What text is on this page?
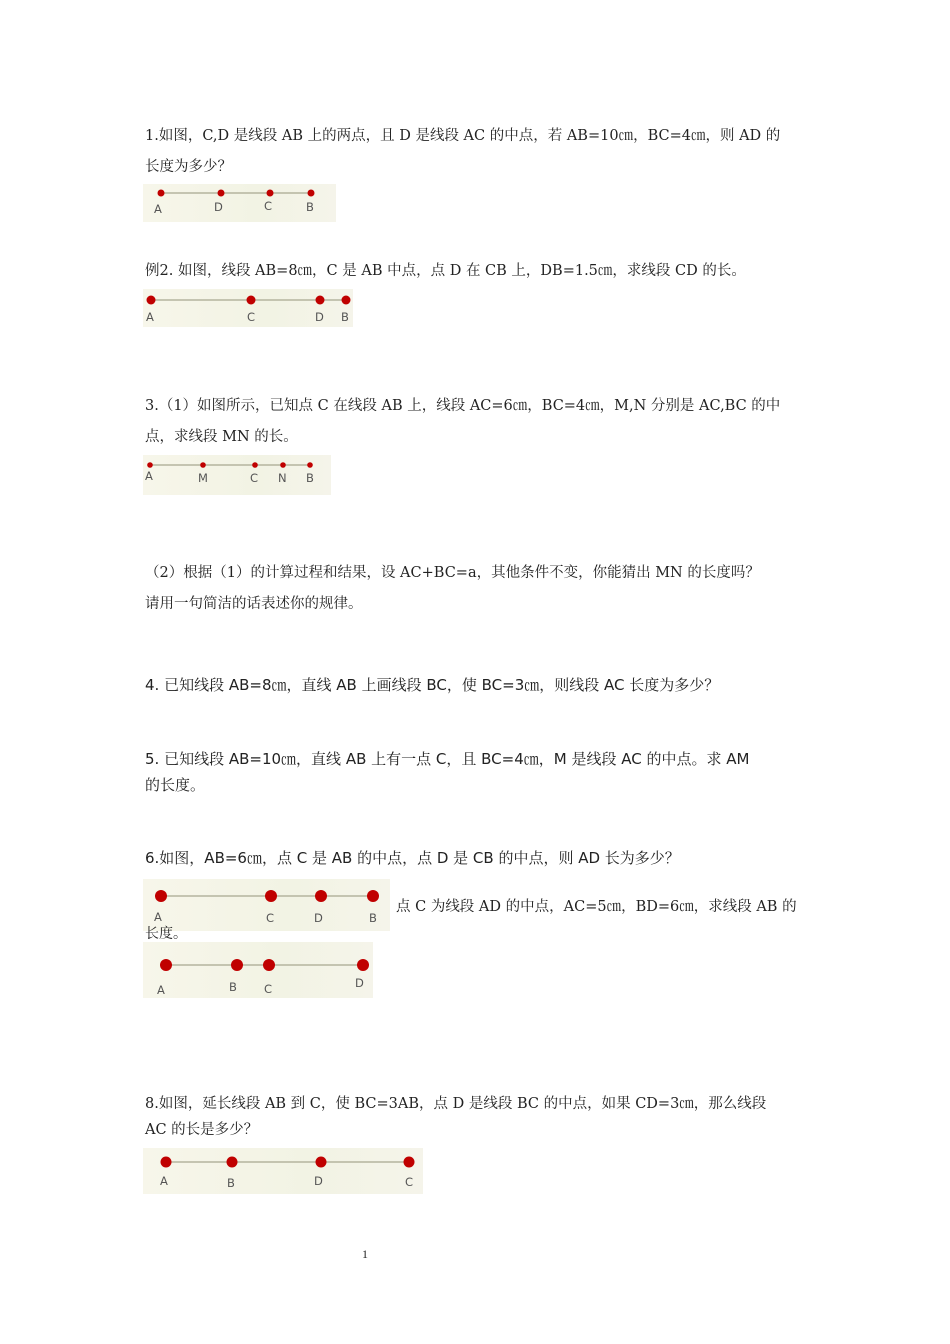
1.如图，C,D 是线段 AB 上的两点，且 D 是线段 AC 的中点，若 AB=10㎝，BC=4㎝，则 AD 的
长度为多少？

A	D	C	B

例2. 如图，线段 AB=8㎝，C 是 AB 中点，点 D 在 CB 上，DB=1.5㎝，求线段 CD 的长。

A	C	D B

3.（1）如图所示，已知点 C 在线段 AB 上，线段 AC=6㎝，BC=4㎝，M,N 分别是 AC,BC 的中
点，求线段 MN 的长。

A	M	C N B

（2）根据（1）的计算过程和结果，设 AC+BC=a，其他条件不变，你能猜出 MN 的长度吗？
请用一句简洁的话表述你的规律。

4. 已知线段 AB=8㎝，直线 AB 上画线段 BC，使 BC=3㎝，则线段 AC 长度为多少？

5. 已知线段 AB=10㎝，直线 AB 上有一点 C，且 BC=4㎝，M 是线段 AC 的中点。求 AM
的长度。

6.如图，AB=6㎝，点 C 是 AB 的中点，点 D 是 CB 的中点，则 AD 长为多少？

A	C	D	B
点 C 为线段 AD 的中点，AC=5㎝，BD=6㎝，求线段 AB 的
长度。
A	B C	D

8.如图，延长线段 AB 到 C，使 BC=3AB，点 D 是线段 BC 的中点，如果 CD=3㎝，那么线段
AC 的长是多少？

A	B	D	C
1
